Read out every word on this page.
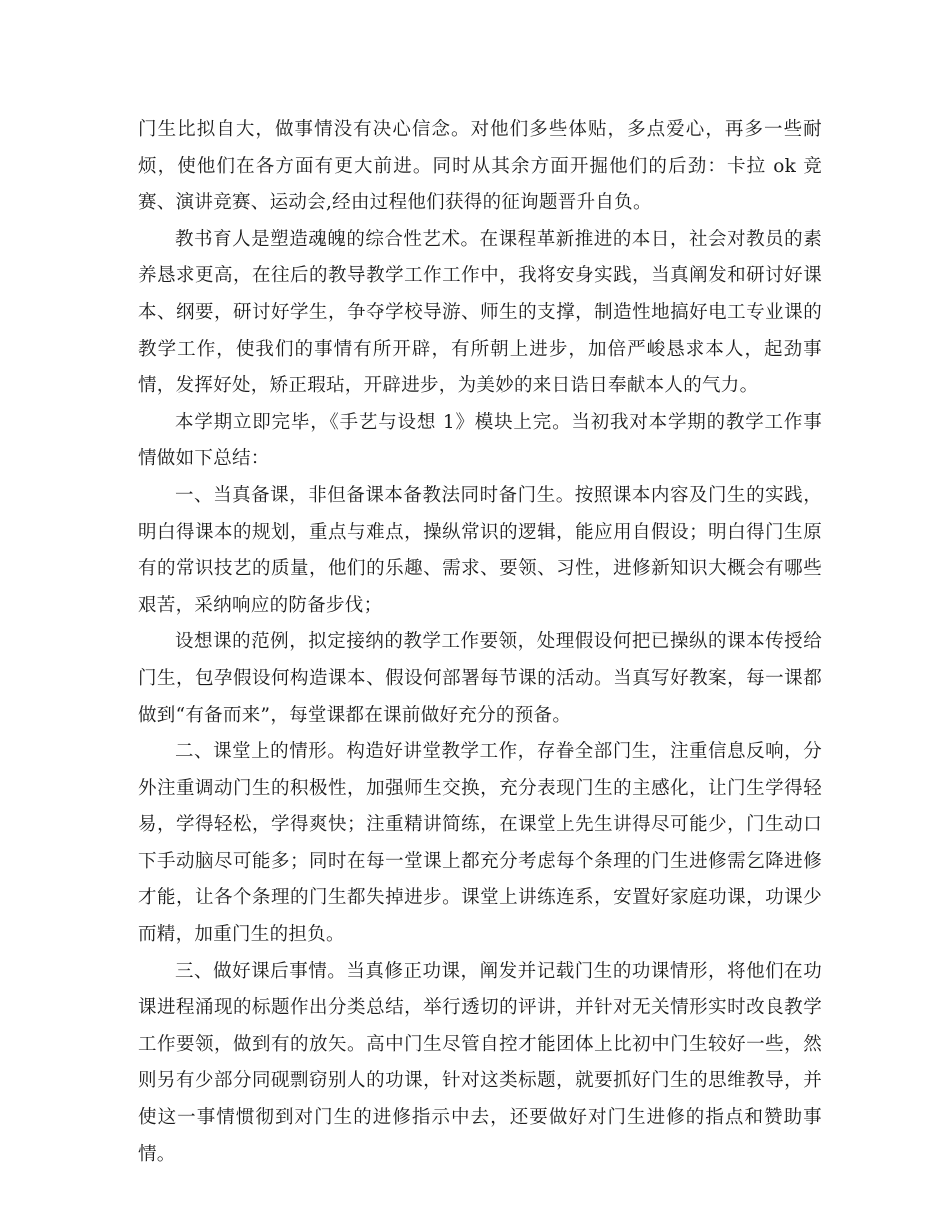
门生比拟自大，做事情没有决心信念。对他们多些体贴，多点爱心，再多一些耐烦，使他们在各方面有更大前进。同时从其余方面开掘他们的后劲：卡拉 ok 竞赛、演讲竞赛、运动会,经由过程他们获得的征询题晋升自负。

教书育人是塑造魂魄的综合性艺术。在课程革新推进的本日，社会对教员的素养恳求更高，在往后的教导教学工作工作中，我将安身实践，当真阐发和研讨好课本、纲要，研讨好学生，争夺学校导游、师生的支撑，制造性地搞好电工专业课的教学工作，使我们的事情有所开辟，有所朝上进步，加倍严峻恳求本人，起劲事情，发挥好处，矫正瑕玷，开辟进步，为美妙的来日诰日奉献本人的气力。

本学期立即完毕，《手艺与设想 1》模块上完。当初我对本学期的教学工作事情做如下总结：

一、当真备课，非但备课本备教法同时备门生。按照课本内容及门生的实践，明白得课本的规划，重点与难点，操纵常识的逻辑，能应用自假设；明白得门生原有的常识技艺的质量，他们的乐趣、需求、要领、习性，进修新知识大概会有哪些艰苦，采纳响应的防备步伐；

设想课的范例，拟定接纳的教学工作要领，处理假设何把已操纵的课本传授给门生，包孕假设何构造课本、假设何部署每节课的活动。当真写好教案，每一课都做到“有备而来”，每堂课都在课前做好充分的预备。

二、课堂上的情形。构造好讲堂教学工作，存眷全部门生，注重信息反响，分外注重调动门生的积极性，加强师生交换，充分表现门生的主感化，让门生学得轻易，学得轻松，学得爽快；注重精讲简练，在课堂上先生讲得尽可能少，门生动口下手动脑尽可能多；同时在每一堂课上都充分考虑每个条理的门生进修需乞降进修才能，让各个条理的门生都失掉进步。课堂上讲练连系，安置好家庭功课，功课少而精，加重门生的担负。

三、做好课后事情。当真修正功课，阐发并记载门生的功课情形，将他们在功课进程涌现的标题作出分类总结，举行透切的评讲，并针对无关情形实时改良教学工作要领，做到有的放矢。高中门生尽管自控才能团体上比初中门生较好一些，然则另有少部分同砚剽窃别人的功课，针对这类标题，就要抓好门生的思维教导，并使这一事情惯彻到对门生的进修指示中去，还要做好对门生进修的指点和赞助事情。
